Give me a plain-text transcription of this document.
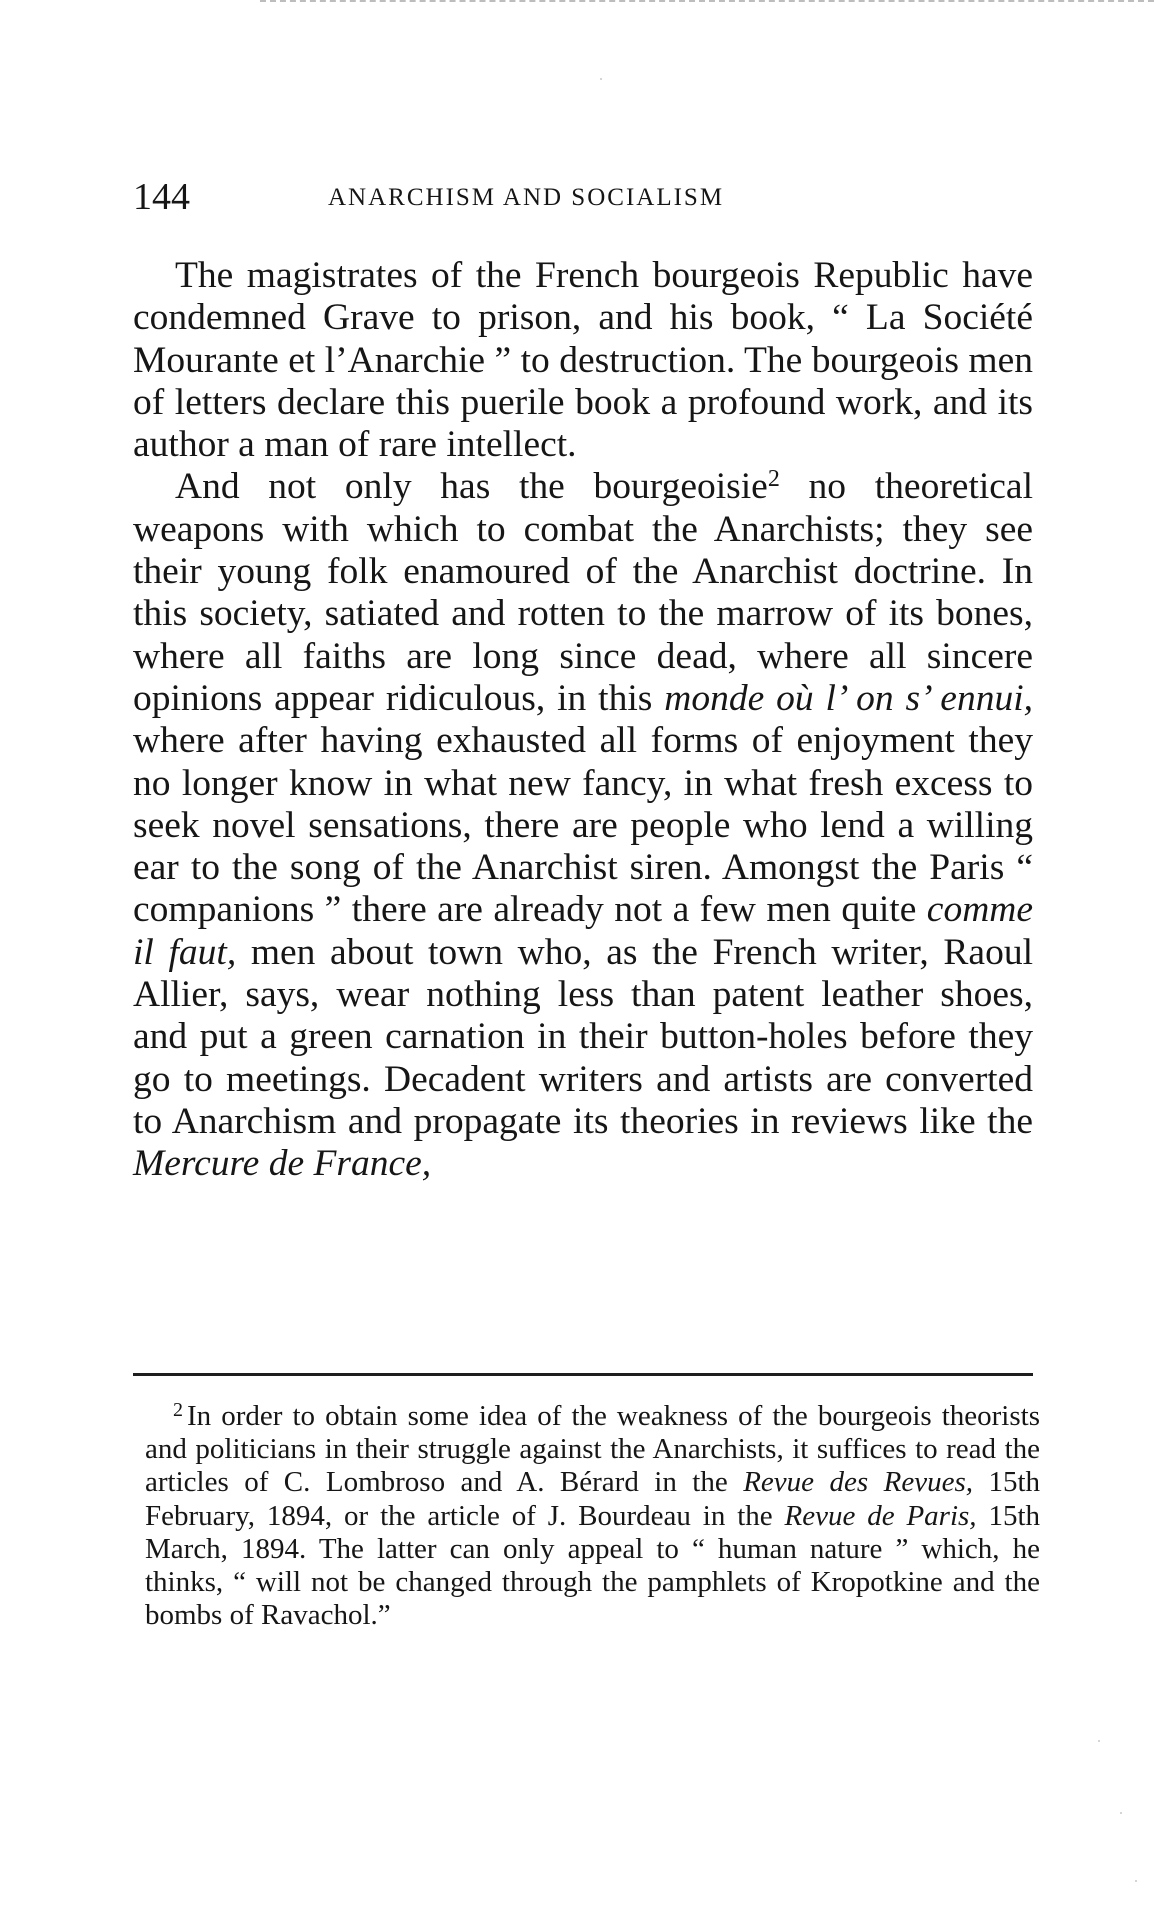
144	ANARCHISM AND SOCIALISM

The magistrates of the French bourgeois Republic have condemned Grave to prison, and his book, “ La Société Mourante et l’Anarchie ” to destruction. The bourgeois men of letters declare this puerile book a profound work, and its author a man of rare intellect.

And not only has the bourgeoisie$^2$ no theoretical weapons with which to combat the Anarchists; they see their young folk enamoured of the Anarchist doctrine. In this society, satiated and rotten to the marrow of its bones, where all faiths are long since dead, where all sincere opinions appear ridiculous, in this monde où l’ on s’ ennui, where after having exhausted all forms of enjoyment they no longer know in what new fancy, in what fresh excess to seek novel sensations, there are people who lend a willing ear to the song of the Anarchist siren. Amongst the Paris “ companions ” there are already not a few men quite comme il faut, men about town who, as the French writer, Raoul Allier, says, wear nothing less than patent leather shoes, and put a green carnation in their button-holes before they go to meetings. Decadent writers and artists are converted to Anarchism and propagate its theories in reviews like the Mercure de France,

$^2$ In order to obtain some idea of the weakness of the bourgeois theorists and politicians in their struggle against the Anarchists, it suffices to read the articles of C. Lombroso and A. Bérard in the Revue des Revues, 15th February, 1894, or the article of J. Bourdeau in the Revue de Paris, 15th March, 1894. The latter can only appeal to “ human nature ” which, he thinks, “ will not be changed through the pamphlets of Kropotkine and the bombs of Ravachol.”
